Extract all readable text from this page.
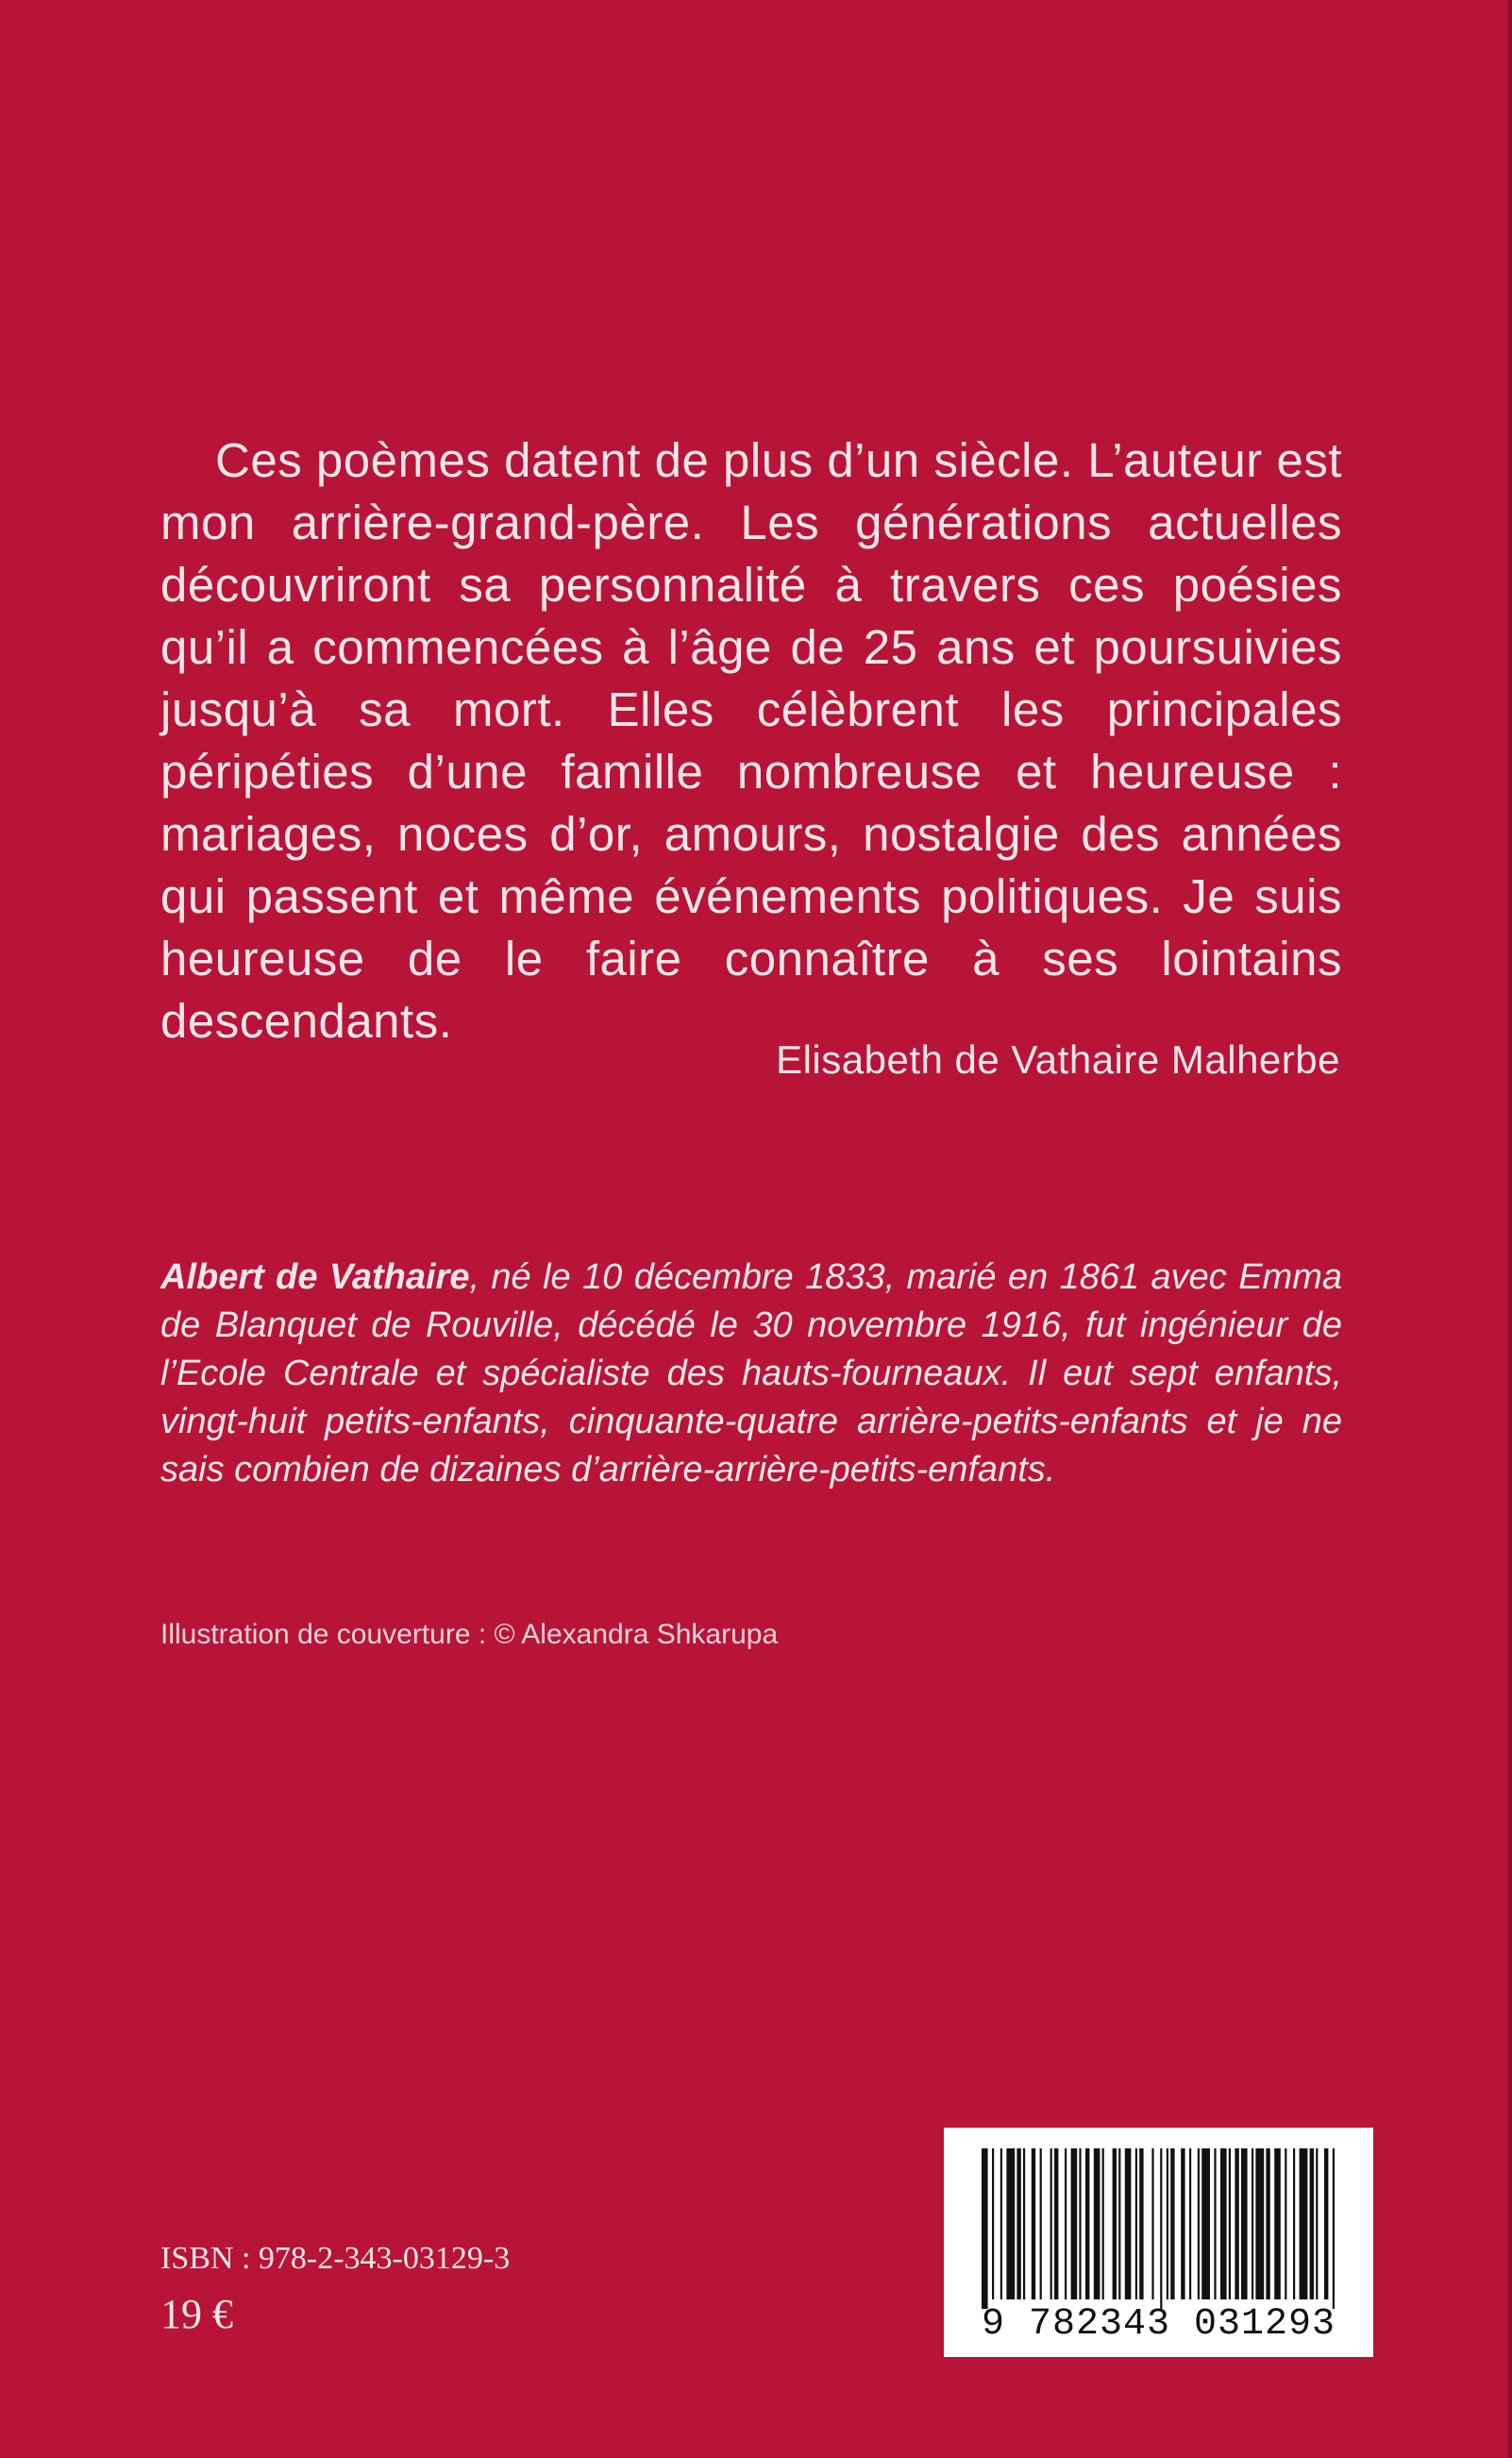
Ces poèmes datent de plus d’un siècle. L’auteur est mon arrière-grand-père. Les générations actuelles découvriront sa personnalité à travers ces poésies qu’il a commencées à l’âge de 25 ans et poursuivies jusqu’à sa mort. Elles célèbrent les principales péripéties d’une famille nombreuse et heureuse : mariages, noces d’or, amours, nostalgie des années qui passent et même événements politiques. Je suis heureuse de le faire connaître à ses lointains descendants.

Elisabeth de Vathaire Malherbe

Albert de Vathaire, né le 10 décembre 1833, marié en 1861 avec Emma de Blanquet de Rouville, décédé le 30 novembre 1916, fut ingénieur de l’Ecole Centrale et spécialiste des hauts-fourneaux. Il eut sept enfants, vingt-huit petits-enfants, cinquante-quatre arrière-petits-enfants et je ne sais combien de dizaines d’arrière-arrière-petits-enfants.

Illustration de couverture : © Alexandra Shkarupa

ISBN : 978-2-343-03129-3

19 €	9 782343 031293
